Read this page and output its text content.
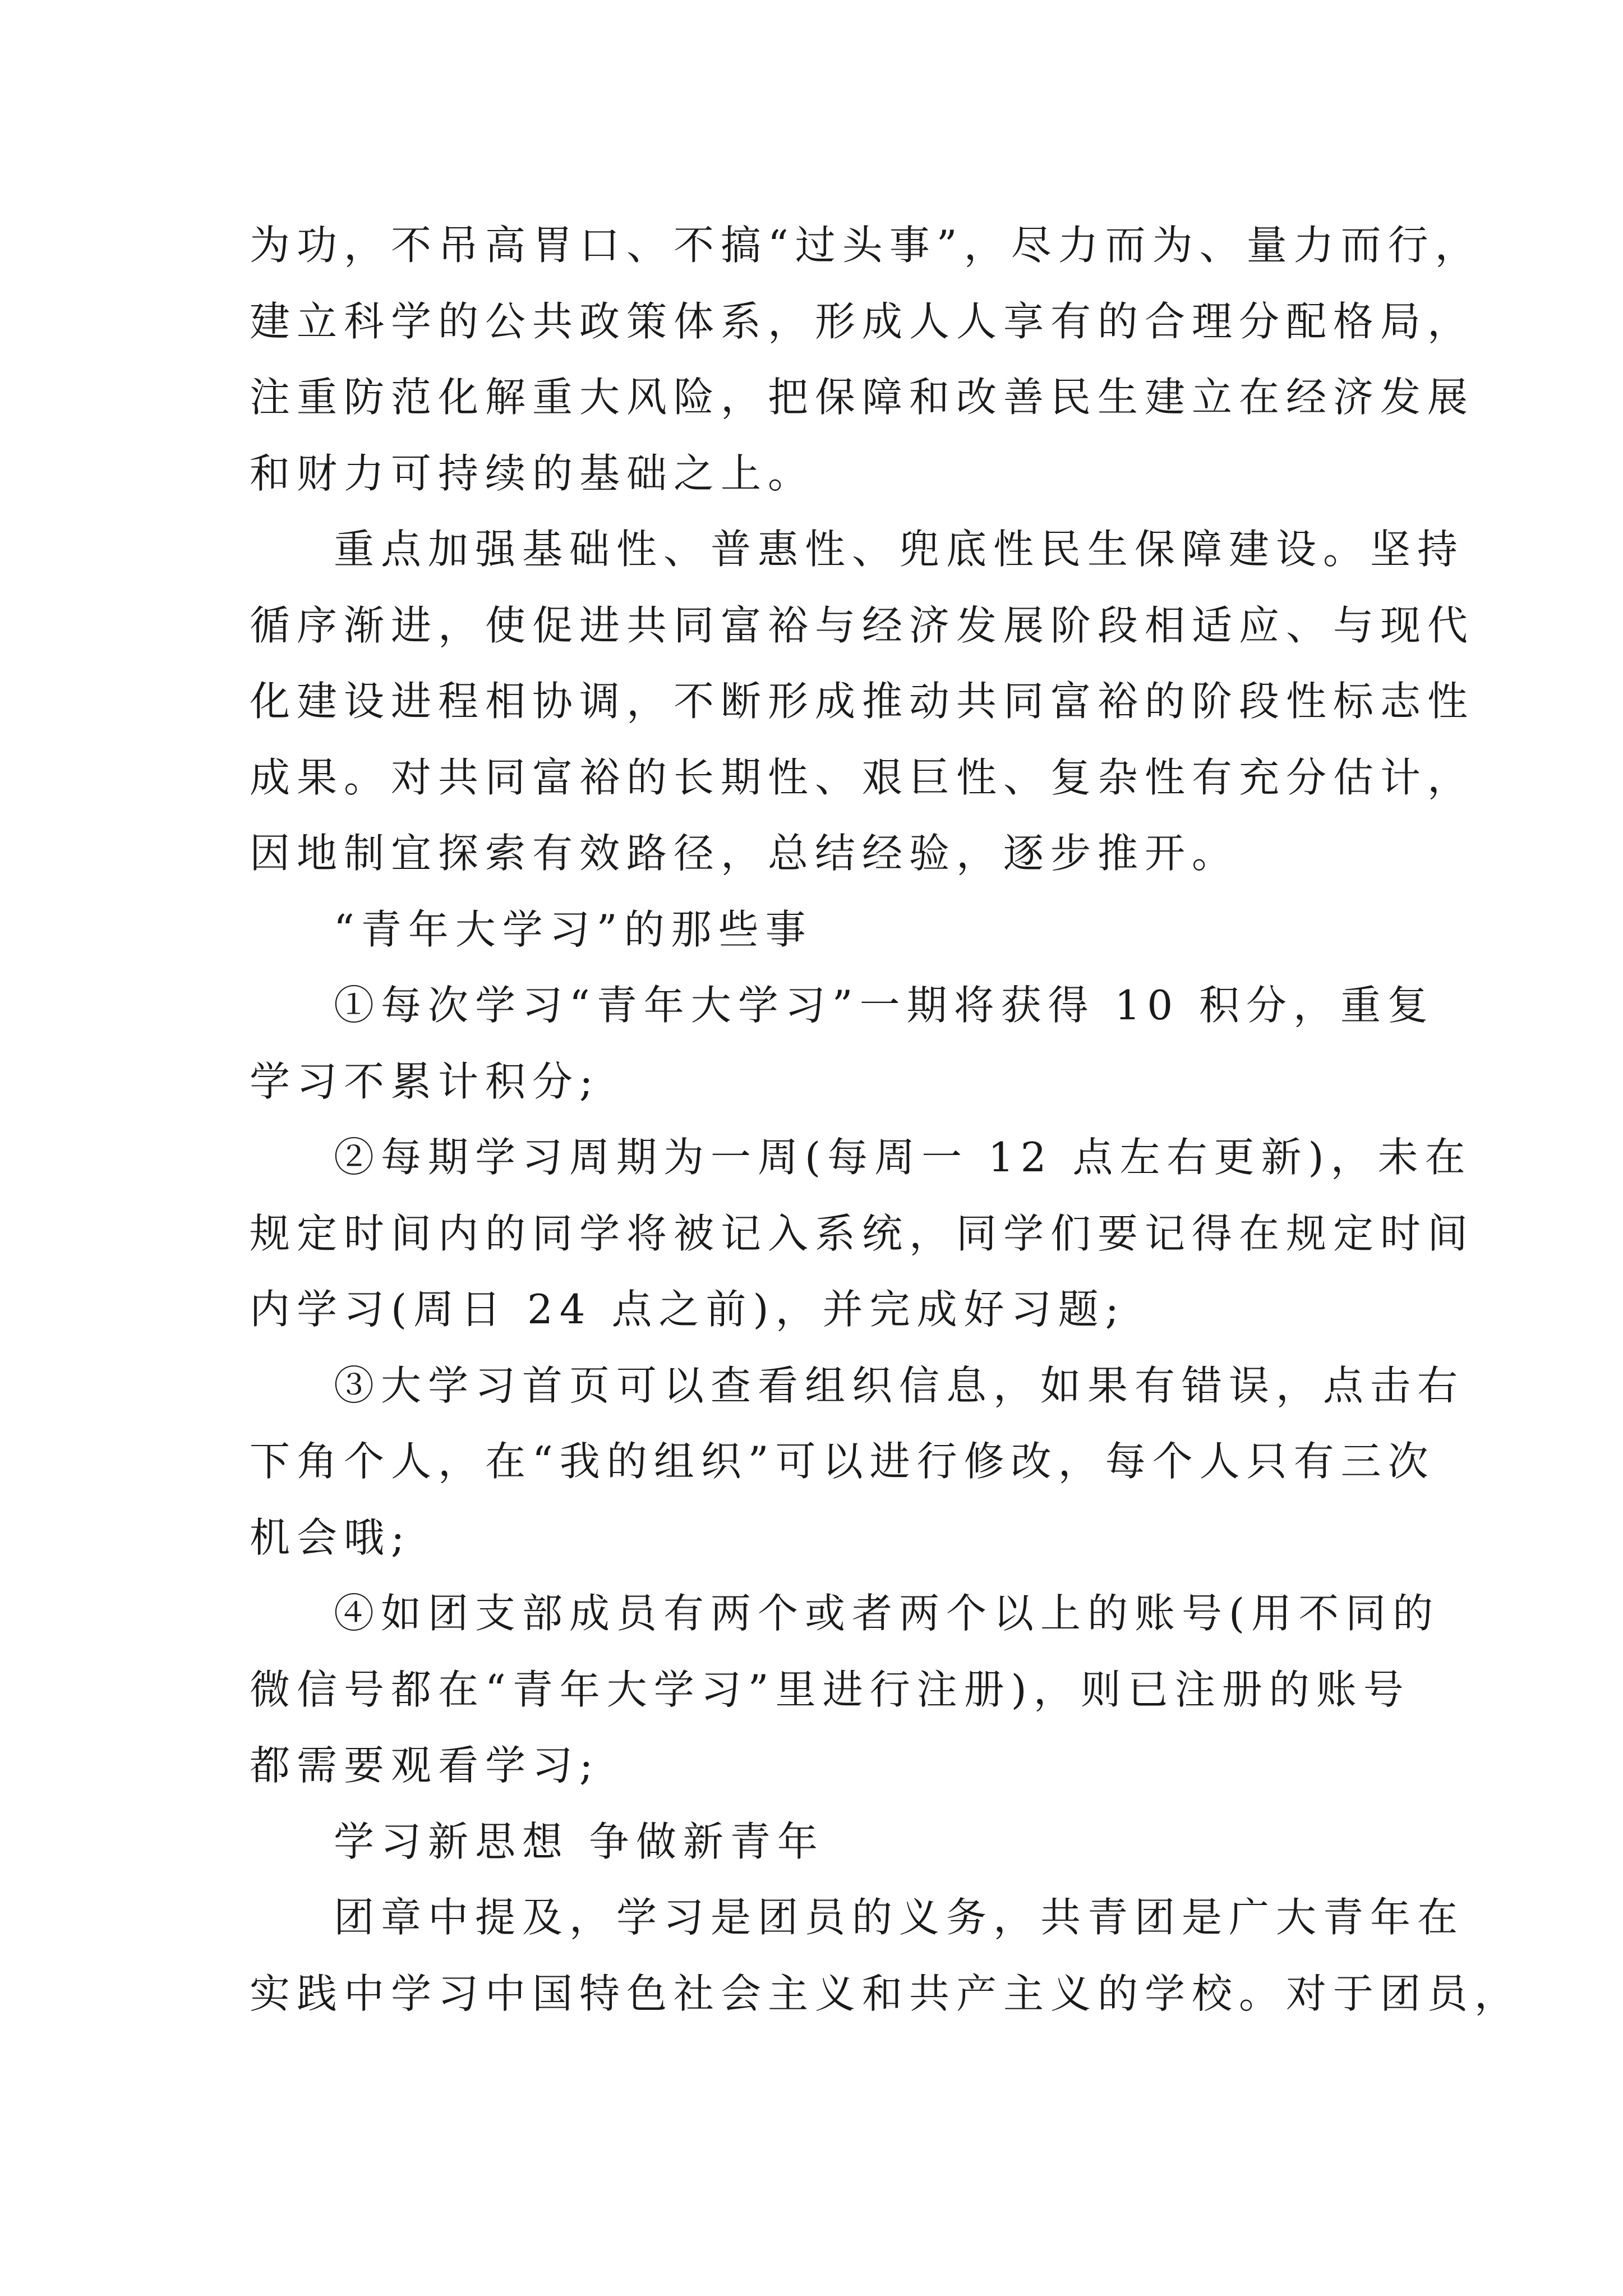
为功，不吊高胃口、不搞“过头事”，尽力而为、量力而行，
建立科学的公共政策体系，形成人人享有的合理分配格局，
注重防范化解重大风险，把保障和改善民生建立在经济发展
和财力可持续的基础之上。
重点加强基础性、普惠性、兜底性民生保障建设。坚持
循序渐进，使促进共同富裕与经济发展阶段相适应、与现代
化建设进程相协调，不断形成推动共同富裕的阶段性标志性
成果。对共同富裕的长期性、艰巨性、复杂性有充分估计，
因地制宜探索有效路径，总结经验，逐步推开。
“青年大学习”的那些事
①每次学习“青年大学习”一期将获得 10 积分，重复
学习不累计积分;
②每期学习周期为一周(每周一 12 点左右更新)，未在
规定时间内的同学将被记入系统，同学们要记得在规定时间
内学习(周日 24 点之前)，并完成好习题;
③大学习首页可以查看组织信息，如果有错误，点击右
下角个人，在“我的组织”可以进行修改，每个人只有三次
机会哦;
④如团支部成员有两个或者两个以上的账号(用不同的
微信号都在“青年大学习”里进行注册)，则已注册的账号
都需要观看学习;
学习新思想 争做新青年
团章中提及，学习是团员的义务，共青团是广大青年在
实践中学习中国特色社会主义和共产主义的学校。对于团员，
